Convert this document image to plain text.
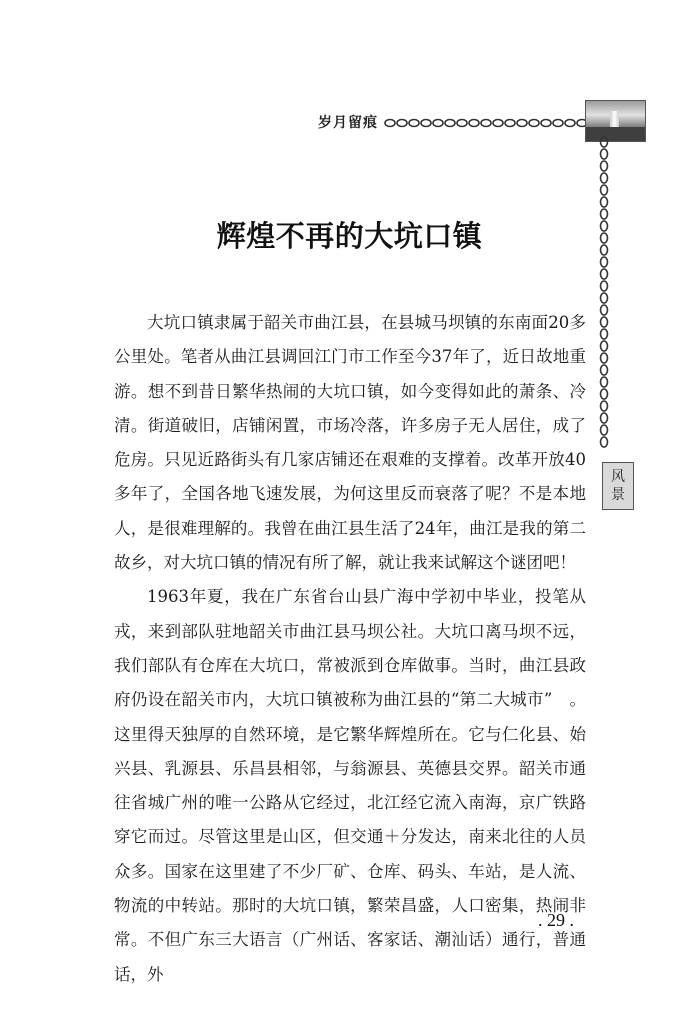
岁月留痕
风
景
辉煌不再的大坑口镇

大坑口镇隶属于韶关市曲江县，在县城马坝镇的东南面20多公里处。笔者从曲江县调回江门市工作至今37年了，近日故地重游。想不到昔日繁华热闹的大坑口镇，如今变得如此的萧条、冷清。街道破旧，店铺闲置，市场冷落，许多房子无人居住，成了危房。只见近路街头有几家店铺还在艰难的支撑着。改革开放40多年了，全国各地飞速发展，为何这里反而衰落了呢？不是本地人，是很难理解的。我曾在曲江县生活了24年，曲江是我的第二故乡，对大坑口镇的情况有所了解，就让我来试解这个谜团吧！

1963年夏，我在广东省台山县广海中学初中毕业，投笔从戎，来到部队驻地韶关市曲江县马坝公社。大坑口离马坝不远，我们部队有仓库在大坑口，常被派到仓库做事。当时，曲江县政府仍设在韶关市内，大坑口镇被称为曲江县的“第二大城市”　。这里得天独厚的自然环境，是它繁华辉煌所在。它与仁化县、始兴县、乳源县、乐昌县相邻，与翁源县、英德县交界。韶关市通往省城广州的唯一公路从它经过，北江经它流入南海，京广铁路穿它而过。尽管这里是山区，但交通＋分发达，南来北往的人员众多。国家在这里建了不少厂矿、仓库、码头、车站，是人流、物流的中转站。那时的大坑口镇，繁荣昌盛，人口密集，热闹非常。不但广东三大语言（广州话、客家话、潮汕话）通行，普通话，外

. 29 .
